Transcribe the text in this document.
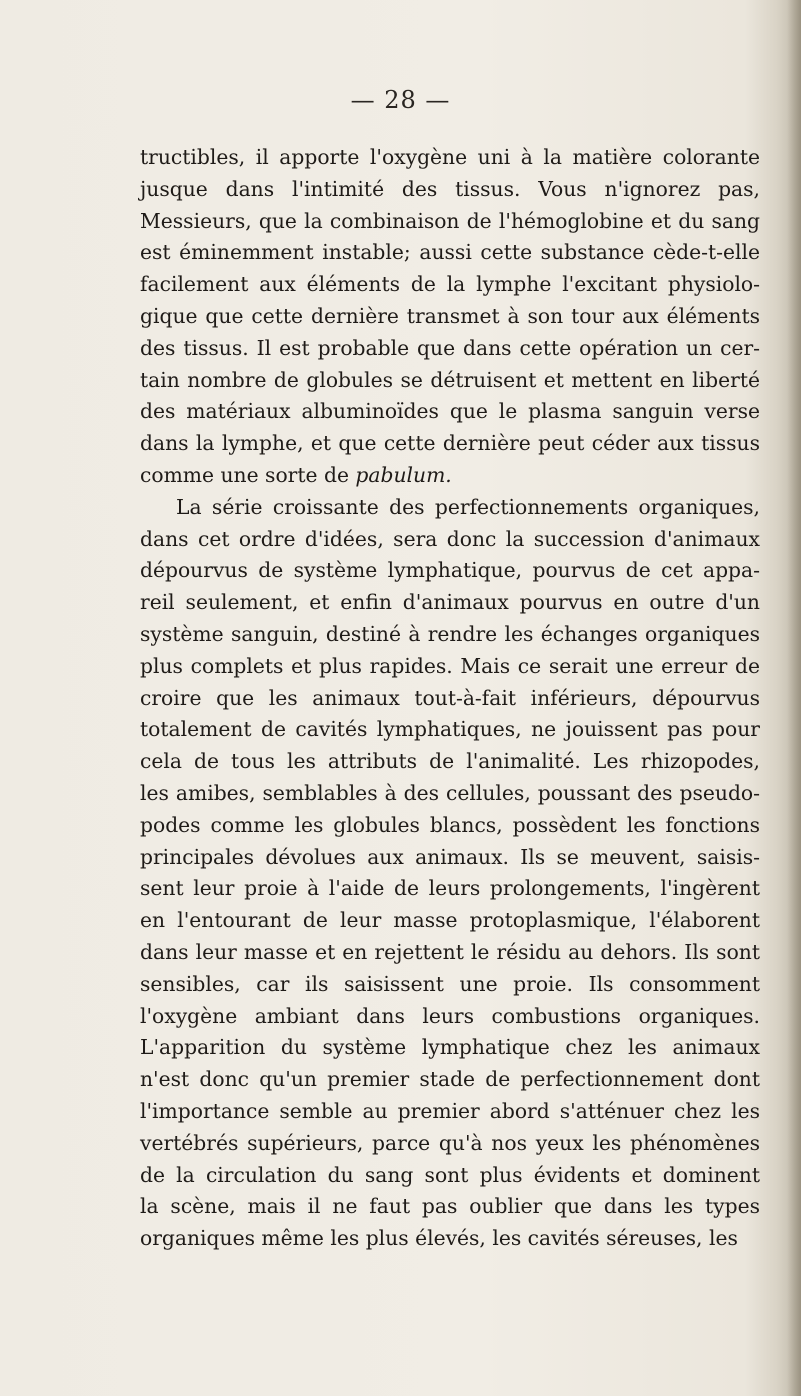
— 28 —
tructibles, il apporte l'oxygène uni à la matière colorante
jusque dans l'intimité des tissus. Vous n'ignorez pas,
Messieurs, que la combinaison de l'hémoglobine et du sang
est éminemment instable; aussi cette substance cède-t-elle
facilement aux éléments de la lymphe l'excitant physiolo-
gique que cette dernière transmet à son tour aux éléments
des tissus. Il est probable que dans cette opération un cer-
tain nombre de globules se détruisent et mettent en liberté
des matériaux albuminoïdes que le plasma sanguin verse
dans la lymphe, et que cette dernière peut céder aux tissus
comme une sorte de pabulum.
La série croissante des perfectionnements organiques,
dans cet ordre d'idées, sera donc la succession d'animaux
dépourvus de système lymphatique, pourvus de cet appa-
reil seulement, et enfin d'animaux pourvus en outre d'un
système sanguin, destiné à rendre les échanges organiques
plus complets et plus rapides. Mais ce serait une erreur de
croire que les animaux tout-à-fait inférieurs, dépourvus
totalement de cavités lymphatiques, ne jouissent pas pour
cela de tous les attributs de l'animalité. Les rhizopodes,
les amibes, semblables à des cellules, poussant des pseudo-
podes comme les globules blancs, possèdent les fonctions
principales dévolues aux animaux. Ils se meuvent, saisis-
sent leur proie à l'aide de leurs prolongements, l'ingèrent
en l'entourant de leur masse protoplasmique, l'élaborent
dans leur masse et en rejettent le résidu au dehors. Ils sont
sensibles, car ils saisissent une proie. Ils consomment
l'oxygène ambiant dans leurs combustions organiques.
L'apparition du système lymphatique chez les animaux
n'est donc qu'un premier stade de perfectionnement dont
l'importance semble au premier abord s'atténuer chez les
vertébrés supérieurs, parce qu'à nos yeux les phénomènes
de la circulation du sang sont plus évidents et dominent
la scène, mais il ne faut pas oublier que dans les types
organiques même les plus élevés, les cavités séreuses, les
